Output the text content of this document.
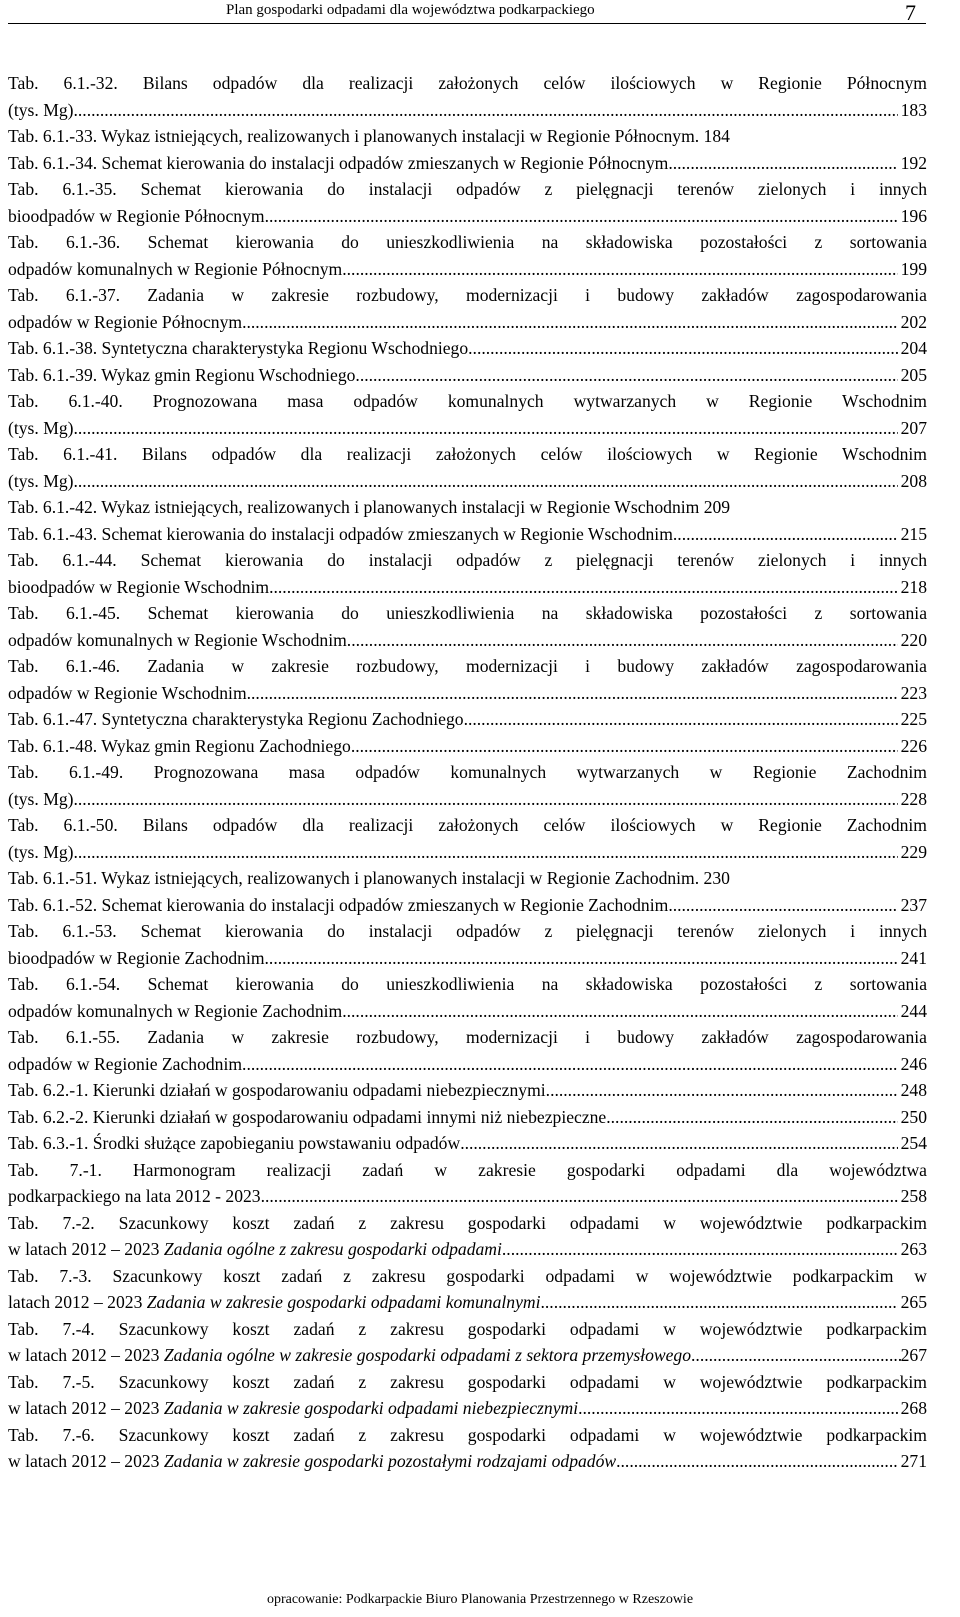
Plan gospodarki odpadami dla województwa podkarpackiego	7
Tab. 6.1.-32. Bilans odpadów dla realizacji założonych celów ilościowych w Regionie Północnym
(tys. Mg) .....	183
Tab. 6.1.-33. Wykaz istniejących, realizowanych i planowanych instalacji w Regionie Północnym. 184
Tab. 6.1.-34. Schemat kierowania do instalacji odpadów zmieszanych w Regionie Północnym .....	192
Tab. 6.1.-35. Schemat kierowania do instalacji odpadów z pielęgnacji terenów zielonych i innych
bioodpadów w Regionie Północnym .....	196
Tab. 6.1.-36. Schemat kierowania do unieszkodliwienia na składowiska pozostałości z sortowania
odpadów komunalnych w Regionie Północnym .....	199
Tab. 6.1.-37. Zadania w zakresie rozbudowy, modernizacji i budowy zakładów zagospodarowania
odpadów w Regionie Północnym .....	202
Tab. 6.1.-38. Syntetyczna charakterystyka Regionu Wschodniego .....	204
Tab. 6.1.-39. Wykaz gmin Regionu Wschodniego .....	205
Tab. 6.1.-40. Prognozowana masa odpadów komunalnych wytwarzanych w Regionie Wschodnim
(tys. Mg) .....	207
Tab. 6.1.-41. Bilans odpadów dla realizacji założonych celów ilościowych w Regionie Wschodnim
(tys. Mg) .....	208
Tab. 6.1.-42. Wykaz istniejących, realizowanych i planowanych instalacji w Regionie Wschodnim 209
Tab. 6.1.-43. Schemat kierowania do instalacji odpadów zmieszanych w Regionie Wschodnim .....	215
Tab. 6.1.-44. Schemat kierowania do instalacji odpadów z pielęgnacji terenów zielonych i innych
bioodpadów w Regionie Wschodnim .....	218
Tab. 6.1.-45. Schemat kierowania do unieszkodliwienia na składowiska pozostałości z sortowania
odpadów komunalnych w Regionie Wschodnim .....	220
Tab. 6.1.-46. Zadania w zakresie rozbudowy, modernizacji i budowy zakładów zagospodarowania
odpadów w Regionie Wschodnim .....	223
Tab. 6.1.-47. Syntetyczna charakterystyka Regionu Zachodniego .....	225
Tab. 6.1.-48. Wykaz gmin Regionu Zachodniego .....	226
Tab. 6.1.-49. Prognozowana masa odpadów komunalnych wytwarzanych w Regionie Zachodnim
(tys. Mg) .....	228
Tab. 6.1.-50. Bilans odpadów dla realizacji założonych celów ilościowych w Regionie Zachodnim
(tys. Mg) .....	229
Tab. 6.1.-51. Wykaz istniejących, realizowanych i planowanych instalacji w Regionie Zachodnim. 230
Tab. 6.1.-52. Schemat kierowania do instalacji odpadów zmieszanych w Regionie Zachodnim .....	237
Tab. 6.1.-53. Schemat kierowania do instalacji odpadów z pielęgnacji terenów zielonych i innych
bioodpadów w Regionie Zachodnim .....	241
Tab. 6.1.-54. Schemat kierowania do unieszkodliwienia na składowiska pozostałości z sortowania
odpadów komunalnych w Regionie Zachodnim .....	244
Tab. 6.1.-55. Zadania w zakresie rozbudowy, modernizacji i budowy zakładów zagospodarowania
odpadów w Regionie Zachodnim .....	246
Tab. 6.2.-1. Kierunki działań w gospodarowaniu odpadami niebezpiecznymi .....	248
Tab. 6.2.-2. Kierunki działań w gospodarowaniu odpadami innymi niż niebezpieczne .....	250
Tab. 6.3.-1. Środki służące zapobieganiu powstawaniu odpadów .....	254
Tab. 7.-1. Harmonogram realizacji zadań w zakresie gospodarki odpadami dla województwa
podkarpackiego na lata 2012 - 2023 .....	258
Tab. 7.-2. Szacunkowy koszt zadań z zakresu gospodarki odpadami w województwie podkarpackim
w latach 2012 – 2023 Zadania ogólne z zakresu gospodarki odpadami .....	263
Tab. 7.-3. Szacunkowy koszt zadań z zakresu gospodarki odpadami w województwie podkarpackim w
latach 2012 – 2023 Zadania w zakresie gospodarki odpadami komunalnymi .....	265
Tab. 7.-4. Szacunkowy koszt zadań z zakresu gospodarki odpadami w województwie podkarpackim
w latach 2012 – 2023 Zadania ogólne w zakresie gospodarki odpadami z sektora przemysłowego .....	267
Tab. 7.-5. Szacunkowy koszt zadań z zakresu gospodarki odpadami w województwie podkarpackim
w latach 2012 – 2023 Zadania w zakresie gospodarki odpadami niebezpiecznymi .....	268
Tab. 7.-6. Szacunkowy koszt zadań z zakresu gospodarki odpadami w województwie podkarpackim
w latach 2012 – 2023 Zadania w zakresie gospodarki pozostałymi rodzajami odpadów .....	271
opracowanie: Podkarpackie Biuro Planowania Przestrzennego w Rzeszowie
